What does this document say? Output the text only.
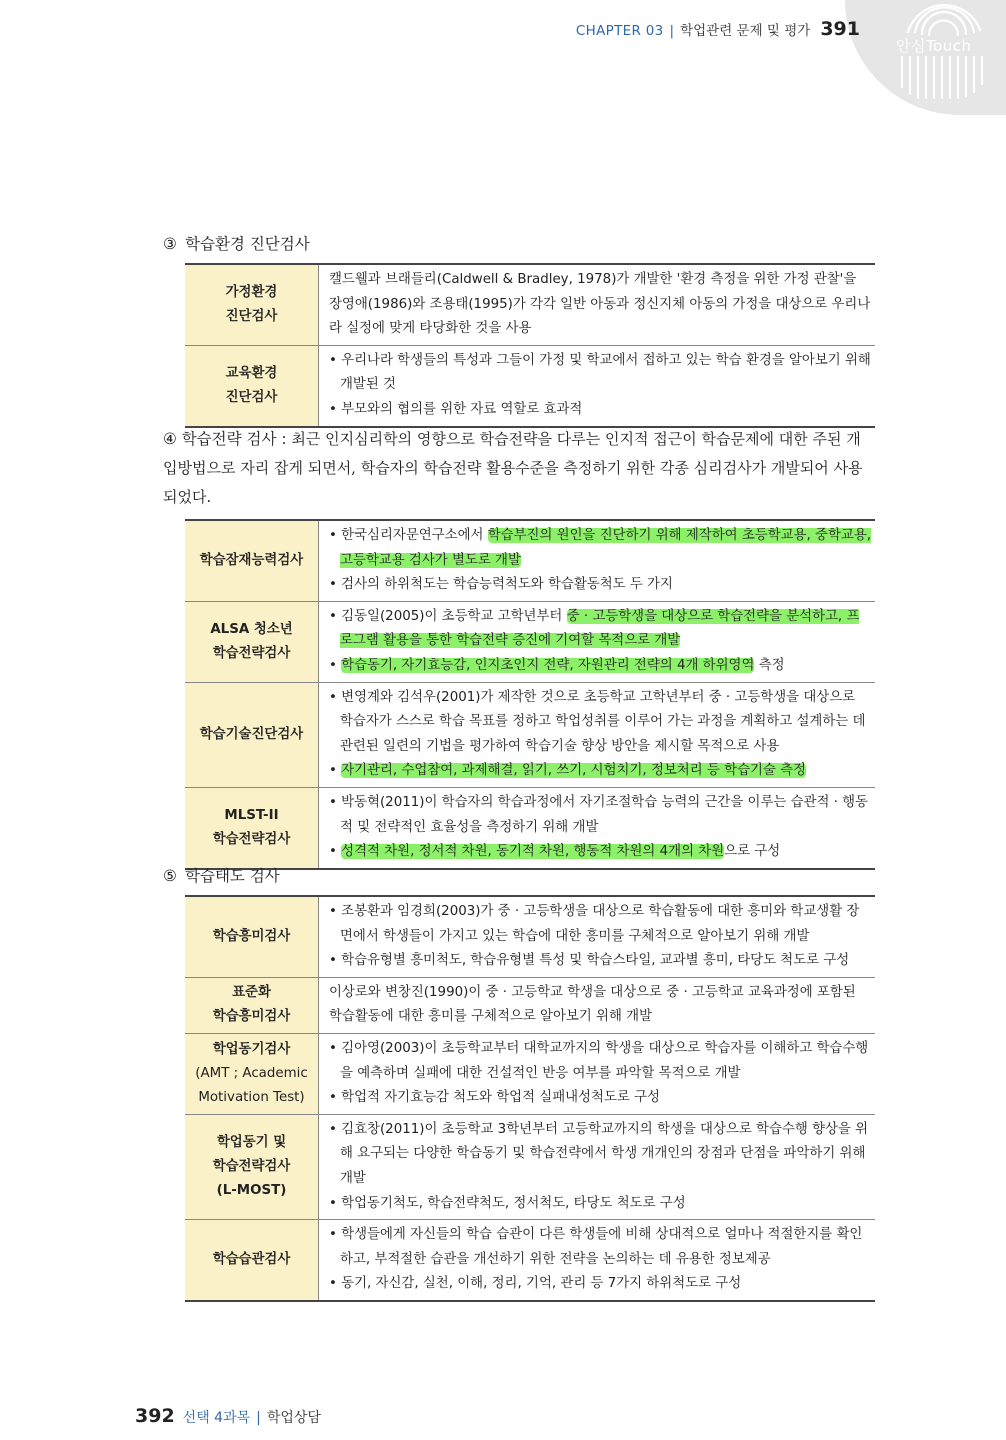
안심Touch
CHAPTER 03 | 학업관련 문제 및 평가 391
③ 학습환경 진단검사
가정환경
진단검사	캘드웰과 브래들리(Caldwell & Bradley, 1978)가 개발한 '환경 측정을 위한 가정 관찰'을 장영애(1986)와 조용태(1995)가 각각 일반 아동과 정신지체 아동의 가정을 대상으로 우리나라 실정에 맞게 타당화한 것을 사용
교육환경
진단검사	• 우리나라 학생들의 특성과 그들이 가정 및 학교에서 접하고 있는 학습 환경을 알아보기 위해 개발된 것
• 부모와의 협의를 위한 자료 역할로 효과적
④ 학습전략 검사 : 최근 인지심리학의 영향으로 학습전략을 다루는 인지적 접근이 학습문제에 대한 주된 개입방법으로 자리 잡게 되면서, 학습자의 학습전략 활용수준을 측정하기 위한 각종 심리검사가 개발되어 사용되었다.
학습잠재능력검사	• 한국심리자문연구소에서 학습부진의 원인을 진단하기 위해 제작하여 초등학교용, 중학교용, 고등학교용 검사가 별도로 개발
• 검사의 하위척도는 학습능력척도와 학습활동척도 두 가지

ALSA 청소년
학습전략검사	• 김동일(2005)이 초등학교 고학년부터 중 · 고등학생을 대상으로 학습전략을 분석하고, 프로그램 활용을 통한 학습전략 증진에 기여할 목적으로 개발
• 학습동기, 자기효능감, 인지초인지 전략, 자원관리 전략의 4개 하위영역 측정

학습기술진단검사	• 변영계와 김석우(2001)가 제작한 것으로 초등학교 고학년부터 중 · 고등학생을 대상으로 학습자가 스스로 학습 목표를 정하고 학업성취를 이루어 가는 과정을 계획하고 설계하는 데 관련된 일련의 기법을 평가하여 학습기술 향상 방안을 제시할 목적으로 사용
• 자기관리, 수업참여, 과제해결, 읽기, 쓰기, 시험치기, 정보처리 등 학습기술 측정

MLST-II
학습전략검사	• 박동혁(2011)이 학습자의 학습과정에서 자기조절학습 능력의 근간을 이루는 습관적 · 행동적 및 전략적인 효율성을 측정하기 위해 개발
• 성격적 차원, 정서적 차원, 동기적 차원, 행동적 차원의 4개의 차원으로 구성
⑤ 학습태도 검사
학습흥미검사	• 조봉환과 임경희(2003)가 중 · 고등학생을 대상으로 학습활동에 대한 흥미와 학교생활 장면에서 학생들이 가지고 있는 학습에 대한 흥미를 구체적으로 알아보기 위해 개발
• 학습유형별 흥미척도, 학습유형별 특성 및 학습스타일, 교과별 흥미, 타당도 척도로 구성

표준화
학습흥미검사	이상로와 변창진(1990)이 중 · 고등학교 학생을 대상으로 중 · 고등학교 교육과정에 포함된 학습활동에 대한 흥미를 구체적으로 알아보기 위해 개발
학업동기검사
(AMT ; Academic
Motivation Test)	• 김아영(2003)이 초등학교부터 대학교까지의 학생을 대상으로 학습자를 이해하고 학습수행을 예측하며 실패에 대한 건설적인 반응 여부를 파악할 목적으로 개발
• 학업적 자기효능감 척도와 학업적 실패내성척도로 구성

학업동기 및
학습전략검사
(L-MOST)	• 김효창(2011)이 초등학교 3학년부터 고등학교까지의 학생을 대상으로 학습수행 향상을 위해 요구되는 다양한 학습동기 및 학습전략에서 학생 개개인의 장점과 단점을 파악하기 위해 개발
• 학업동기척도, 학습전략척도, 정서척도, 타당도 척도로 구성

학습습관검사	• 학생들에게 자신들의 학습 습관이 다른 학생들에 비해 상대적으로 얼마나 적절한지를 확인하고, 부적절한 습관을 개선하기 위한 전략을 논의하는 데 유용한 정보제공
• 동기, 자신감, 실천, 이해, 정리, 기억, 관리 등 7가지 하위척도로 구성
392 선택 4과목 | 학업상담
